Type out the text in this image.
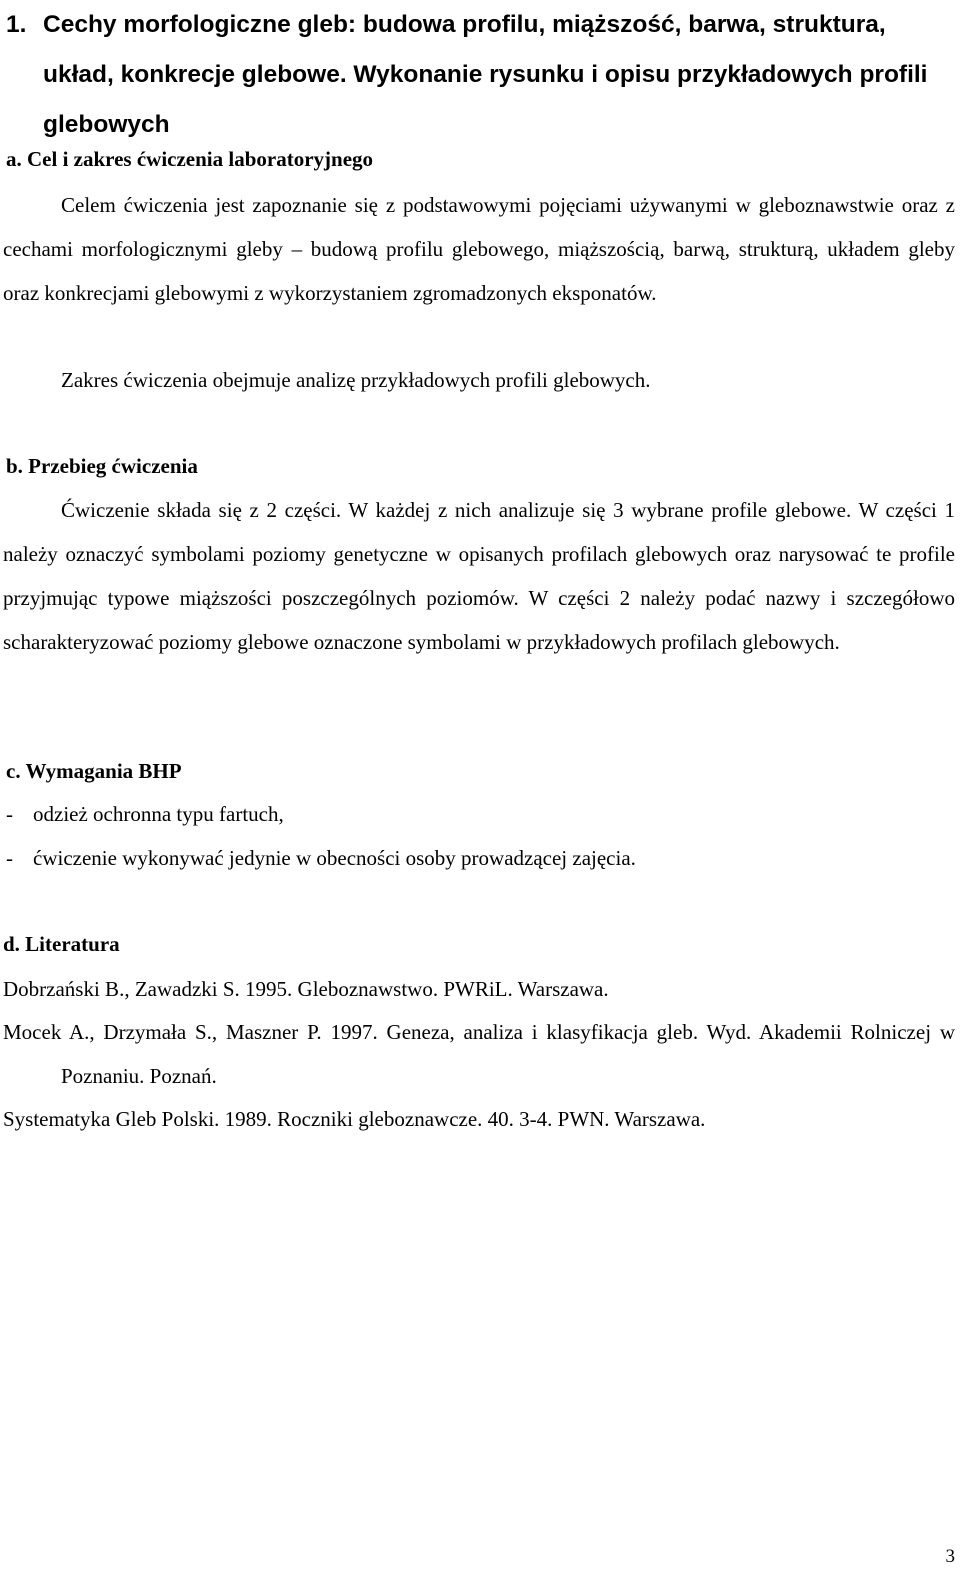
1. Cechy morfologiczne gleb: budowa profilu, miąższość, barwa, struktura, układ, konkrecje glebowe. Wykonanie rysunku i opisu przykładowych profili glebowych
a. Cel i zakres ćwiczenia laboratoryjnego
Celem ćwiczenia jest zapoznanie się z podstawowymi pojęciami używanymi w gleboznawstwie oraz z cechami morfologicznymi gleby – budową profilu glebowego, miąższością, barwą, strukturą, układem gleby oraz konkrecjami glebowymi z wykorzystaniem zgromadzonych eksponatów.
Zakres ćwiczenia obejmuje analizę przykładowych profili glebowych.
b. Przebieg ćwiczenia
Ćwiczenie składa się z 2 części. W każdej z nich analizuje się 3 wybrane profile glebowe. W części 1 należy oznaczyć symbolami poziomy genetyczne w opisanych profilach glebowych oraz narysować te profile przyjmując typowe miąższości poszczególnych poziomów. W części 2 należy podać nazwy i szczegółowo scharakteryzować poziomy glebowe oznaczone symbolami w przykładowych profilach glebowych.
c. Wymagania BHP
- odzież ochronna typu fartuch,
- ćwiczenie wykonywać jedynie w obecności osoby prowadzącej zajęcia.
d. Literatura
Dobrzański B., Zawadzki S. 1995. Gleboznawstwo. PWRiL. Warszawa.
Mocek A., Drzymała S., Maszner P. 1997. Geneza, analiza i klasyfikacja gleb. Wyd. Akademii Rolniczej w Poznaniu. Poznań.
Systematyka Gleb Polski. 1989. Roczniki gleboznawcze. 40. 3-4. PWN. Warszawa.
3
